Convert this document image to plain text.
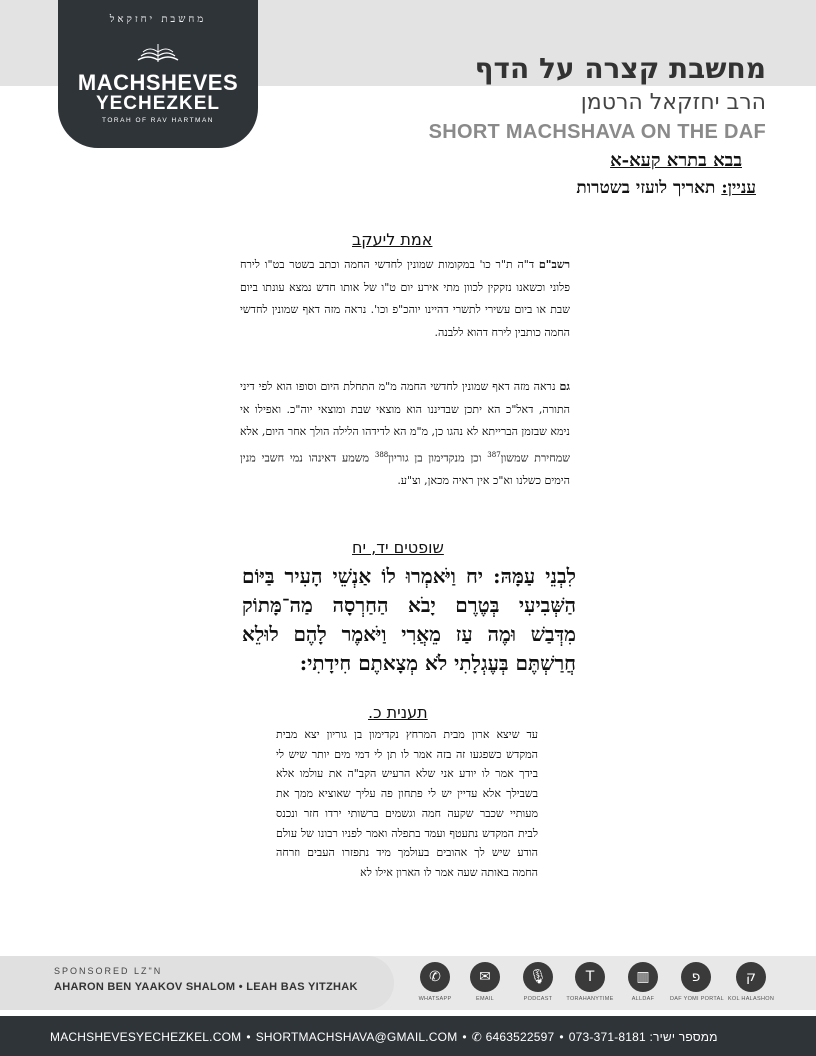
מחשבת יחזקאל
MACHSHEVES
YECHEZKEL
TORAH OF RAV HARTMAN
מחשבת קצרה על הדף
הרב יחזקאל הרטמן
SHORT MACHSHAVA ON THE DAF
בבא בתרא קעא-א
עניין: תאריך לועזי בשטרות
אמת ליעקב

רשב"ם ד"ה ת"ר כו' במקומות שמונין לחדשי החמה וכתב בשטר בט"ו לירח פלוני וכשאנו נזקקין לכוון מתי אירע יום ט"ו של אותו חדש נמצא עונתו ביום שבת או ביום עשירי לתשרי דהיינו יוהכ"פ וכו'. נראה מזה דאף שמונין לחדשי החמה כותבין לירח דהוא ללבנה.

גם נראה מזה דאף שמונין לחדשי החמה מ"מ התחלת היום וסופו הוא לפי דיני התורה, דאל"כ הא יתכן שבדיננו הוא מוצאי שבת ומוצאי יוה"כ. ואפילו אי נימא שבזמן הברייתא לא נהגו כן, מ"מ הא לדידהו הלילה הולך אחר היום, אלא שמחירת שמשון$^{387}$ וכן מנקדימון בן גוריון$^{388}$ משמע דאינהו נמי חשבי מנין הימים כשלנו וא"כ אין ראיה מכאן, וצ"ע.

שופטים יד, יח
לִבְנֵי עַמָּהּ: יח וַיֹּאמְרוּ לוֹ אַנְשֵׁי הָעִיר בַּיּוֹם הַשְּׁבִיעִי בְּטֶרֶם יָבֹא הַחַרְסָה מַה־מָּתוֹק מִדְּבַשׁ וּמֶה עַז מֵאֲרִי וַיֹּאמֶר לָהֶם לוּלֵא חֲרַשְׁתֶּם בְּעֶגְלָתִי לֹא מְצָאתֶם חִידָתִי:
תענית כ.
עד שיצא ארון מבית המרחץ נקדימון בן גוריון יצא מבית המקדש כשפגעו זה בזה אמר לו תן לי דמי מים יותר שיש לי בידך אמר לו יודע אני שלא הרעיש הקב"ה את עולמו אלא בשבילך אלא עדיין יש לי פתחון פה עליך שאוציא ממך את מעותיי שכבר שקעה חמה וגשמים ברשותי ירדו חזר ונכנס לבית המקדש נתעטף ועמד בתפלה ואמר לפניו רבונו של עולם הודע שיש לך אהובים בעולמך מיד נתפזרו העבים וזרחה החמה באותה שעה אמר לו הארון אילו לא
SPONSORED LZ"N
AHARON BEN YAAKOV SHALOM • LEAH BAS YITZHAK
✆
WHATSAPP
✉
EMAIL
🎙
PODCAST
T
TORAHANYTIME
▥
ALLDAF
פ
DAF YOMI PORTAL
ק
KOL HALASHON
MACHSHEVESYECHEZKEL.COM • SHORTMACHSHAVA@GMAIL.COM • ✆ 6463522597 • 073-371-8181 ממספר ישיר:
